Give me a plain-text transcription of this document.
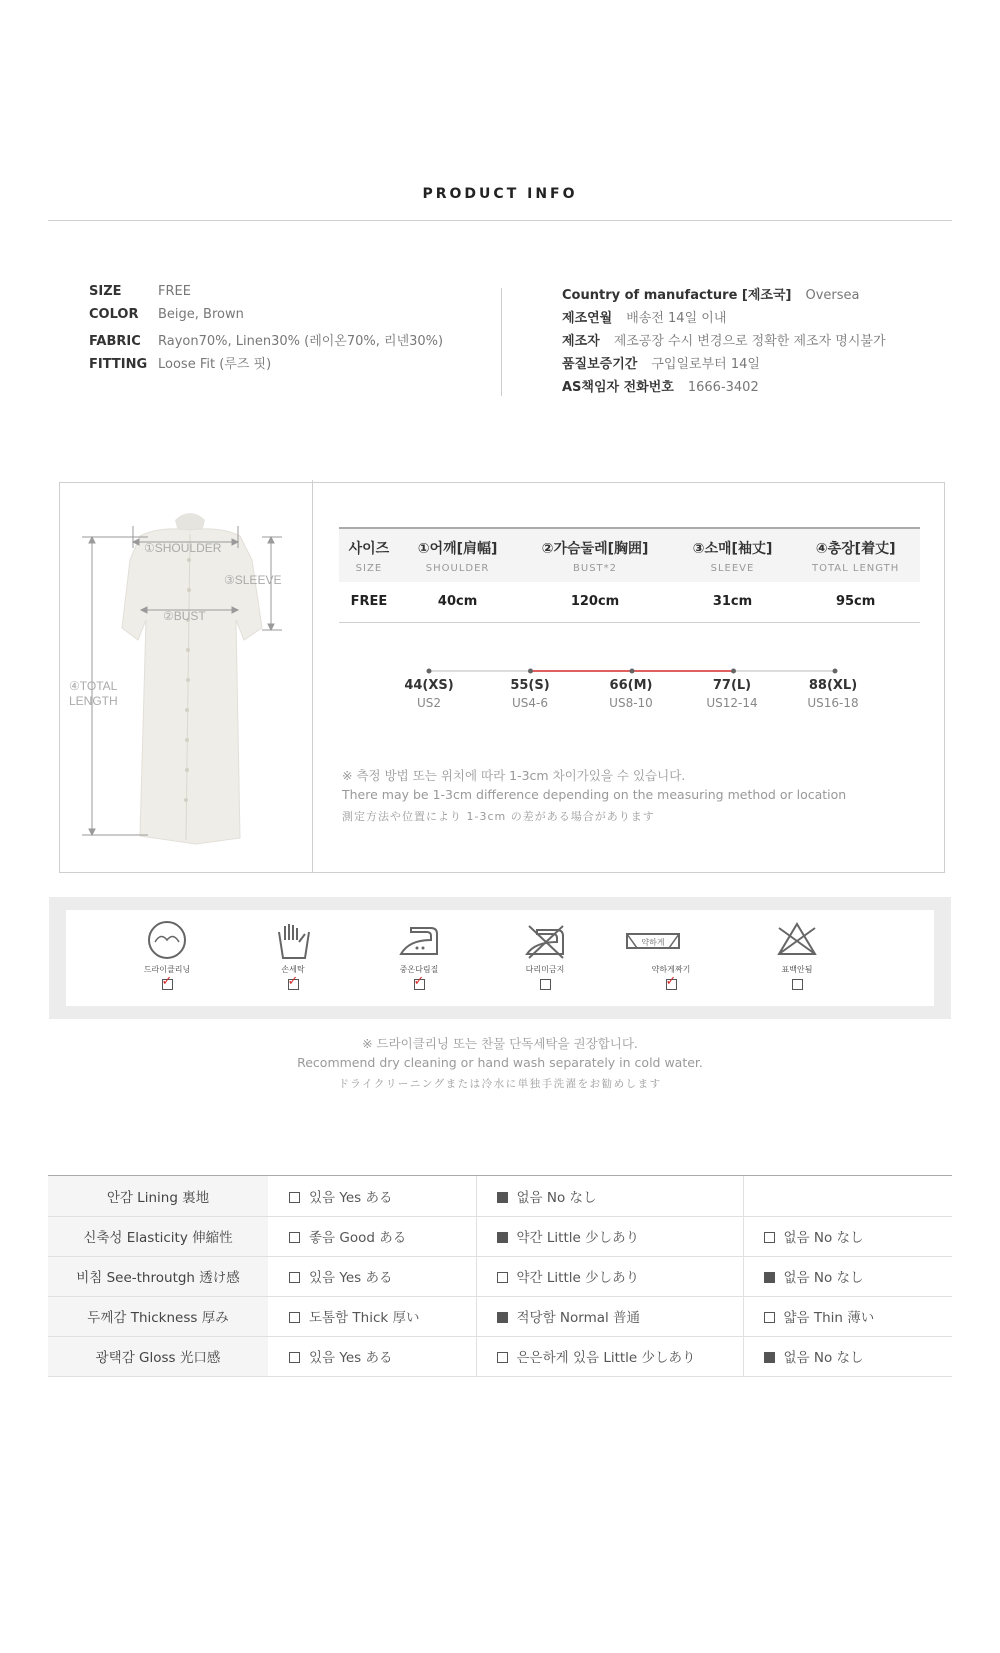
PRODUCT INFO
SIZE	FREE
COLOR Beige, Brown
FABRIC Rayon70%, Linen30% (레이온70%, 리넨30%)
FITTING Loose Fit (루즈 핏)
Country of manufacture [제조국] Oversea
제조연월 배송전 14일 이내
제조자 제조공장 수시 변경으로 정확한 제조자 명시불가
품질보증기간 구입일로부터 14일
AS책임자 전화번호 1666-3402
①SHOULDER
③SLEEVE
②BUST
④TOTAL
LENGTH
사이즈	①어깨[肩幅]	②가슴둘레[胸囲]	③소매[袖丈]	④총장[着丈]
SIZE	SHOULDER	BUST*2	SLEEVE	TOTAL LENGTH
FREE	40cm	120cm	31cm	95cm
44(XS)
US2
55(S)
US4-6
66(M)
US8-10
77(L)
US12-14
88(XL)
US16-18
※ 측정 방법 또는 위치에 따라 1-3cm 차이가있을 수 있습니다.
There may be 1-3cm difference depending on the measuring method or location
測定方法や位置により 1-3cm の差がある場合があります
드라이클리닝
✓
손세탁
✓
중온다림질
✓
다리미금지
약하게
약하게짜기
✓
표백안됨
※ 드라이클리닝 또는 찬물 단독세탁을 권장합니다.
Recommend dry cleaning or hand wash separately in cold water.
ドライクリーニングまたは冷水に単独手洗濯をお勧めします
안감 Lining 裏地	있음 Yes ある	없음 No なし	
신축성 Elasticity 伸縮性	좋음 Good ある	약간 Little 少しあり	없음 No なし
비침 See-throutgh 透け感	있음 Yes ある	약간 Little 少しあり	없음 No なし
두께감 Thickness 厚み	도톰함 Thick 厚い	적당함 Normal 普通	얇음 Thin 薄い
광택감 Gloss 光口感	있음 Yes ある	은은하게 있음 Little 少しあり	없음 No なし
